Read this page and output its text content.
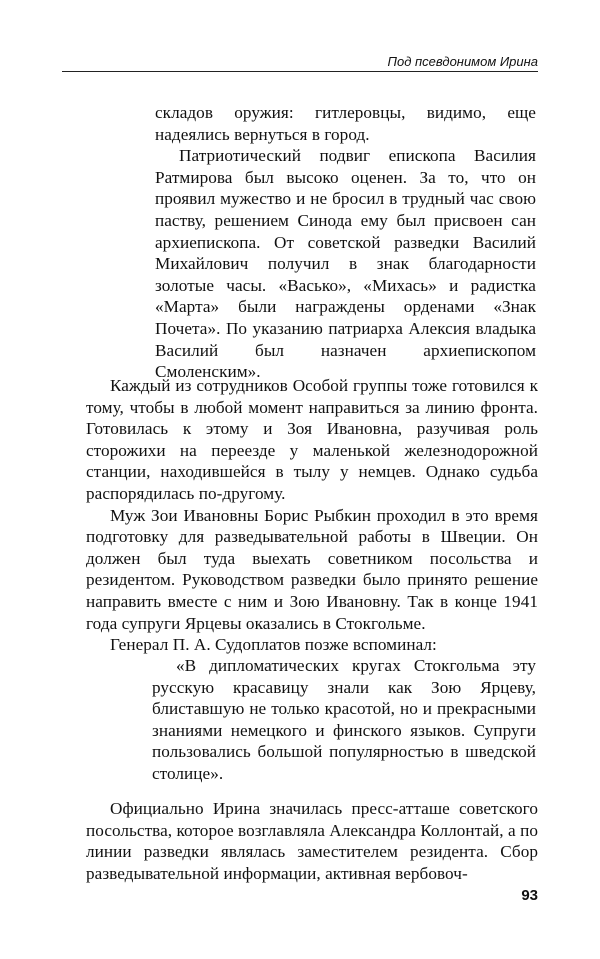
Под псевдонимом Ирина

складов оружия: гитлеровцы, видимо, еще надеялись вернуться в город.

Патриотический подвиг епископа Василия Ратмирова был высоко оценен. За то, что он проявил мужество и не бросил в трудный час свою паству, решением Синода ему был присвоен сан архиепископа. От советской разведки Василий Михайлович получил в знак благодарности золотые часы. «Васько», «Михась» и радистка «Марта» были награждены орденами «Знак Почета». По указанию патриарха Алексия владыка Василий был назначен архиепископом Смоленским».

Каждый из сотрудников Особой группы тоже готовился к тому, чтобы в любой момент направиться за линию фронта. Готовилась к этому и Зоя Ивановна, разучивая роль сторожихи на переезде у маленькой железнодорожной станции, находившейся в тылу у немцев. Однако судьба распорядилась по-другому.

Муж Зои Ивановны Борис Рыбкин проходил в это время подготовку для разведывательной работы в Швеции. Он должен был туда выехать советником посольства и резидентом. Руководством разведки было принято решение направить вместе с ним и Зою Ивановну. Так в конце 1941 года супруги Ярцевы оказались в Стокгольме.

Генерал П. А. Судоплатов позже вспоминал:

«В дипломатических кругах Стокгольма эту русскую красавицу знали как Зою Ярцеву, блиставшую не только красотой, но и прекрасными знаниями немецкого и финского языков. Супруги пользовались большой популярностью в шведской столице».

Официально Ирина значилась пресс-атташе советского посольства, которое возглавляла Александра Коллонтай, а по линии разведки являлась заместителем резидента. Сбор разведывательной информации, активная вербовоч-

93
